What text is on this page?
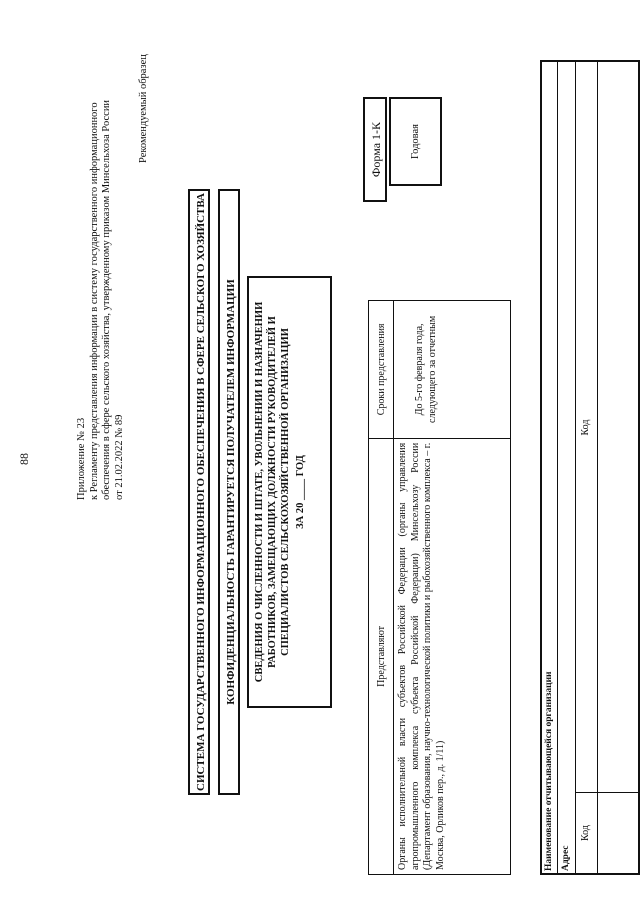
88	Приложение № 23 к Регламенту представления информации в систему государственного информационного обеспечения в сфере сельского хозяйства, утвержденному приказом Минсельхоза России от 21.02.2022 № 89
Рекомендуемый образец
СИСТЕМА ГОСУДАРСТВЕННОГО ИНФОРМАЦИОННОГО ОБЕСПЕЧЕНИЯ В СФЕРЕ СЕЛЬСКОГО ХОЗЯЙСТВА	КОНФИДЕНЦИАЛЬНОСТЬ ГАРАНТИРУЕТСЯ ПОЛУЧАТЕЛЕМ ИНФОРМАЦИИ СВЕДЕНИЯ О ЧИСЛЕННОСТИ И ШТАТЕ, УВОЛЬНЕНИИ И НАЗНАЧЕНИИ РАБОТНИКОВ, ЗАМЕЩАЮЩИХ ДОЛЖНОСТИ РУКОВОДИТЕЛЕЙ И СПЕЦИАЛИСТОВ СЕЛЬСКОХОЗЯЙСТВЕННОЙ ОРГАНИЗАЦИИ ЗА 20 ____ ГОД
Форма 1-К	Годовая
Представляют	Сроки представления
Органы исполнительной власти субъектов Российской Федерации (органы управления агропромышленного комплекса субъекта Российской Федерации) Минсельхозу России (Департамент образования, научно-технологической политики и рыбохозяйственного комплекса – г. Москва, Орликов пер., д. 1/11)	До 5-го февраля года, следующего за отчетным
Наименование отчитывающейся организации Адрес
Код
Код
